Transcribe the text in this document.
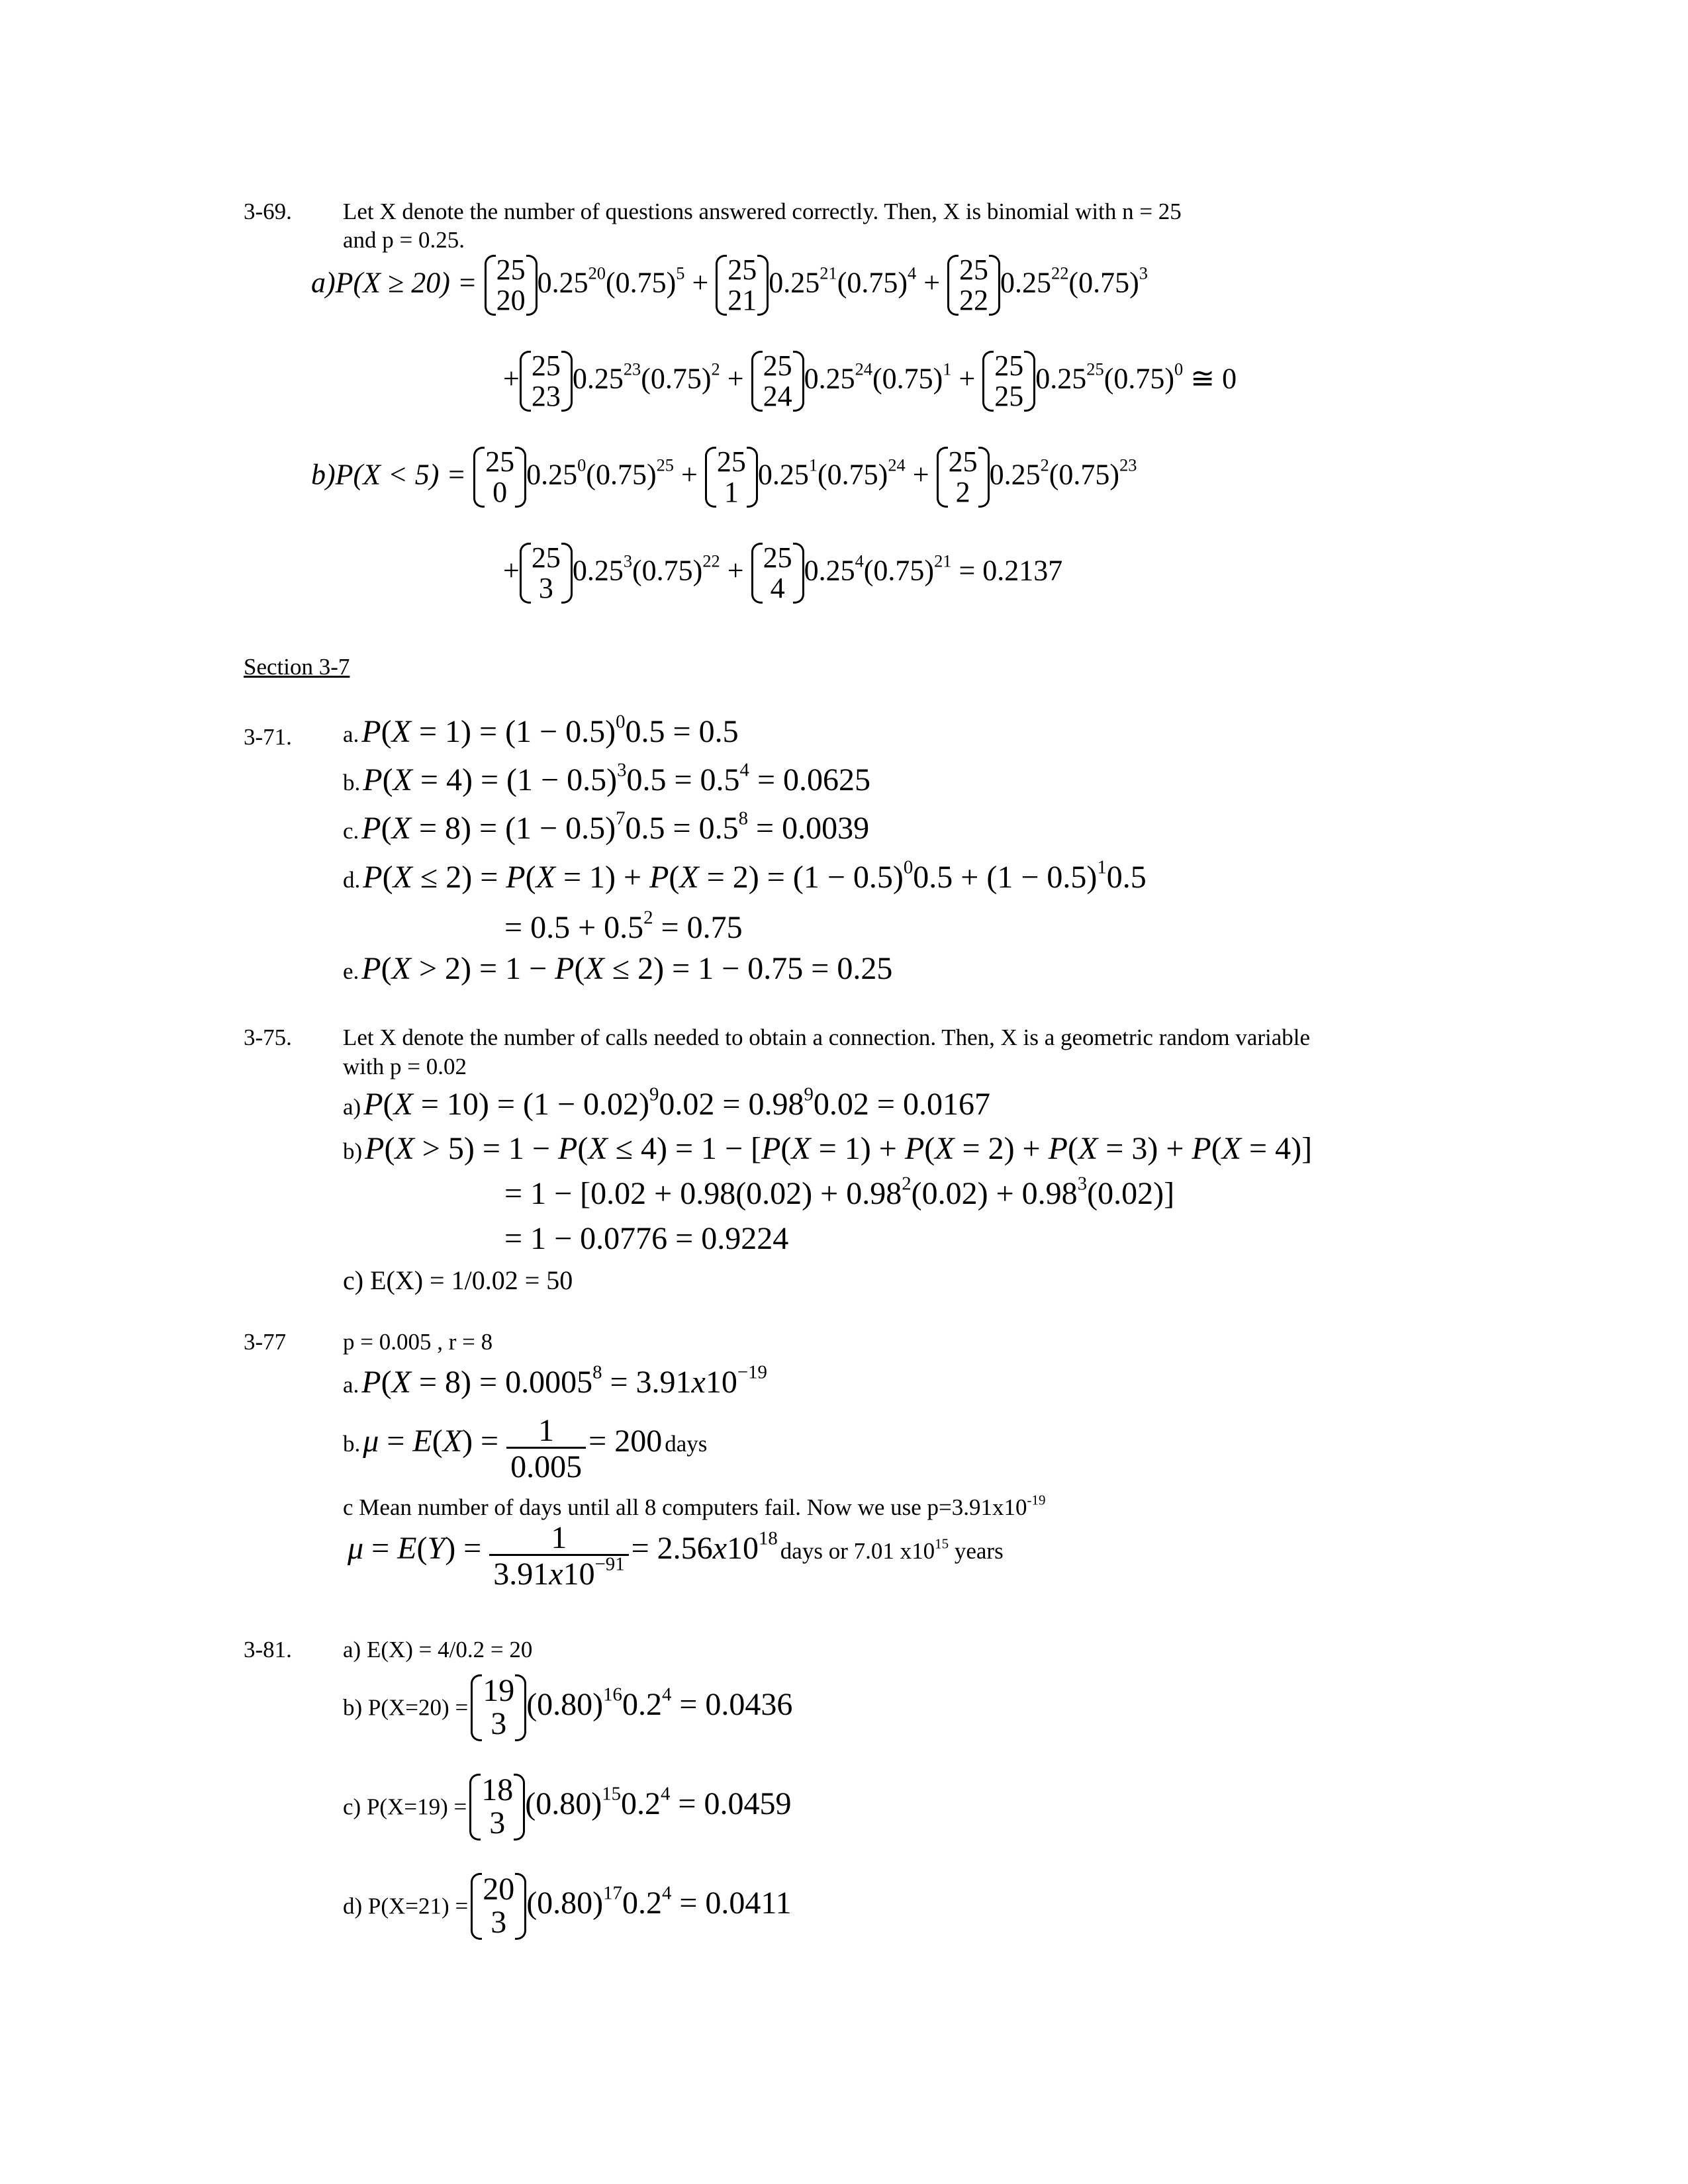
3-69. Let X denote the number of questions answered correctly. Then, X is binomial with n = 25
and p = 0.25.
a)P(X ≥ 20) = 25
20
$0.25^{20}(0.75)^5 + 25$
21
$0.25^{21}(0.75)^4 + 25$
22
$0.25^{22}(0.75)^3$
+ 25
23
$0.25^{23}(0.75)^2 + 25$
24
$0.25^{24}(0.75)^1 + 25$
25
$0.25^{25}(0.75)^0$ ≅ 0
b)P(X < 5) = 25
0
$0.25^0(0.75)^{25} + 25$
1
$0.25^1(0.75)^{24} + 25$
2
$0.25^2(0.75)^{23}$
+ 25
3
$0.25^3(0.75)^{22} + 25$
4
$0.25^4(0.75)^{21} = 0.2137$
Section 3-7
3-71. a. $P(X = 1) = (1 - 0.5)^00.5 = 0.5$
b. $P(X = 4) = (1 - 0.5)^30.5 = 0.5^4 = 0.0625$
c. $P(X = 8) = (1 - 0.5)^70.5 = 0.5^8 = 0.0039$
d. $P(X \le 2) = P(X = 1) + P(X = 2) = (1 - 0.5)^00.5 + (1 - 0.5)^10.5$
= $0.5 + 0.5^2 = 0.75$
e. P(X > 2) = 1 − P(X ≤ 2) = 1 − 0.75 = 0.25
3-75. Let X denote the number of calls needed to obtain a connection. Then, X is a geometric random variable
with p = 0.02
a) $P(X = 10) = (1 - 0.02)^90.02 = 0.98^90.02 = 0.0167$
b) P(X > 5) = 1 − P(X ≤ 4) = 1 − [P(X = 1) + P(X = 2) + P(X = 3) + P(X = 4)]
= $1 - [0.02 + 0.98(0.02) + 0.98^2(0.02) + 0.98^3(0.02)]$
= 1 − 0.0776 = 0.9224
c) E(X) = 1/0.02 = 50
3-77 p = 0.005 , r = 8
a. $P(X = 8) = 0.0005^8 = 3.91x10^{-19}$
b. $\mu = E(X) = \frac{1}{0.005} = 200$ days
c Mean number of days until all 8 computers fail. Now we use $p=3.91x10^{-19}$
$\mu = E(Y) = \frac{1}{3.91x10^{-91}} = 2.56x10^{18}$ days or 7.01 $x10^{15}$ years
3-81. a) E(X) = 4/0.2 = 20
b) P(X=20) = 19
3
$(0.80)^{16}0.2^4 = 0.0436$
c) P(X=19) = 18
3
$(0.80)^{15}0.2^4 = 0.0459$
d) P(X=21) = 20
3
$(0.80)^{17}0.2^4 = 0.0411$
